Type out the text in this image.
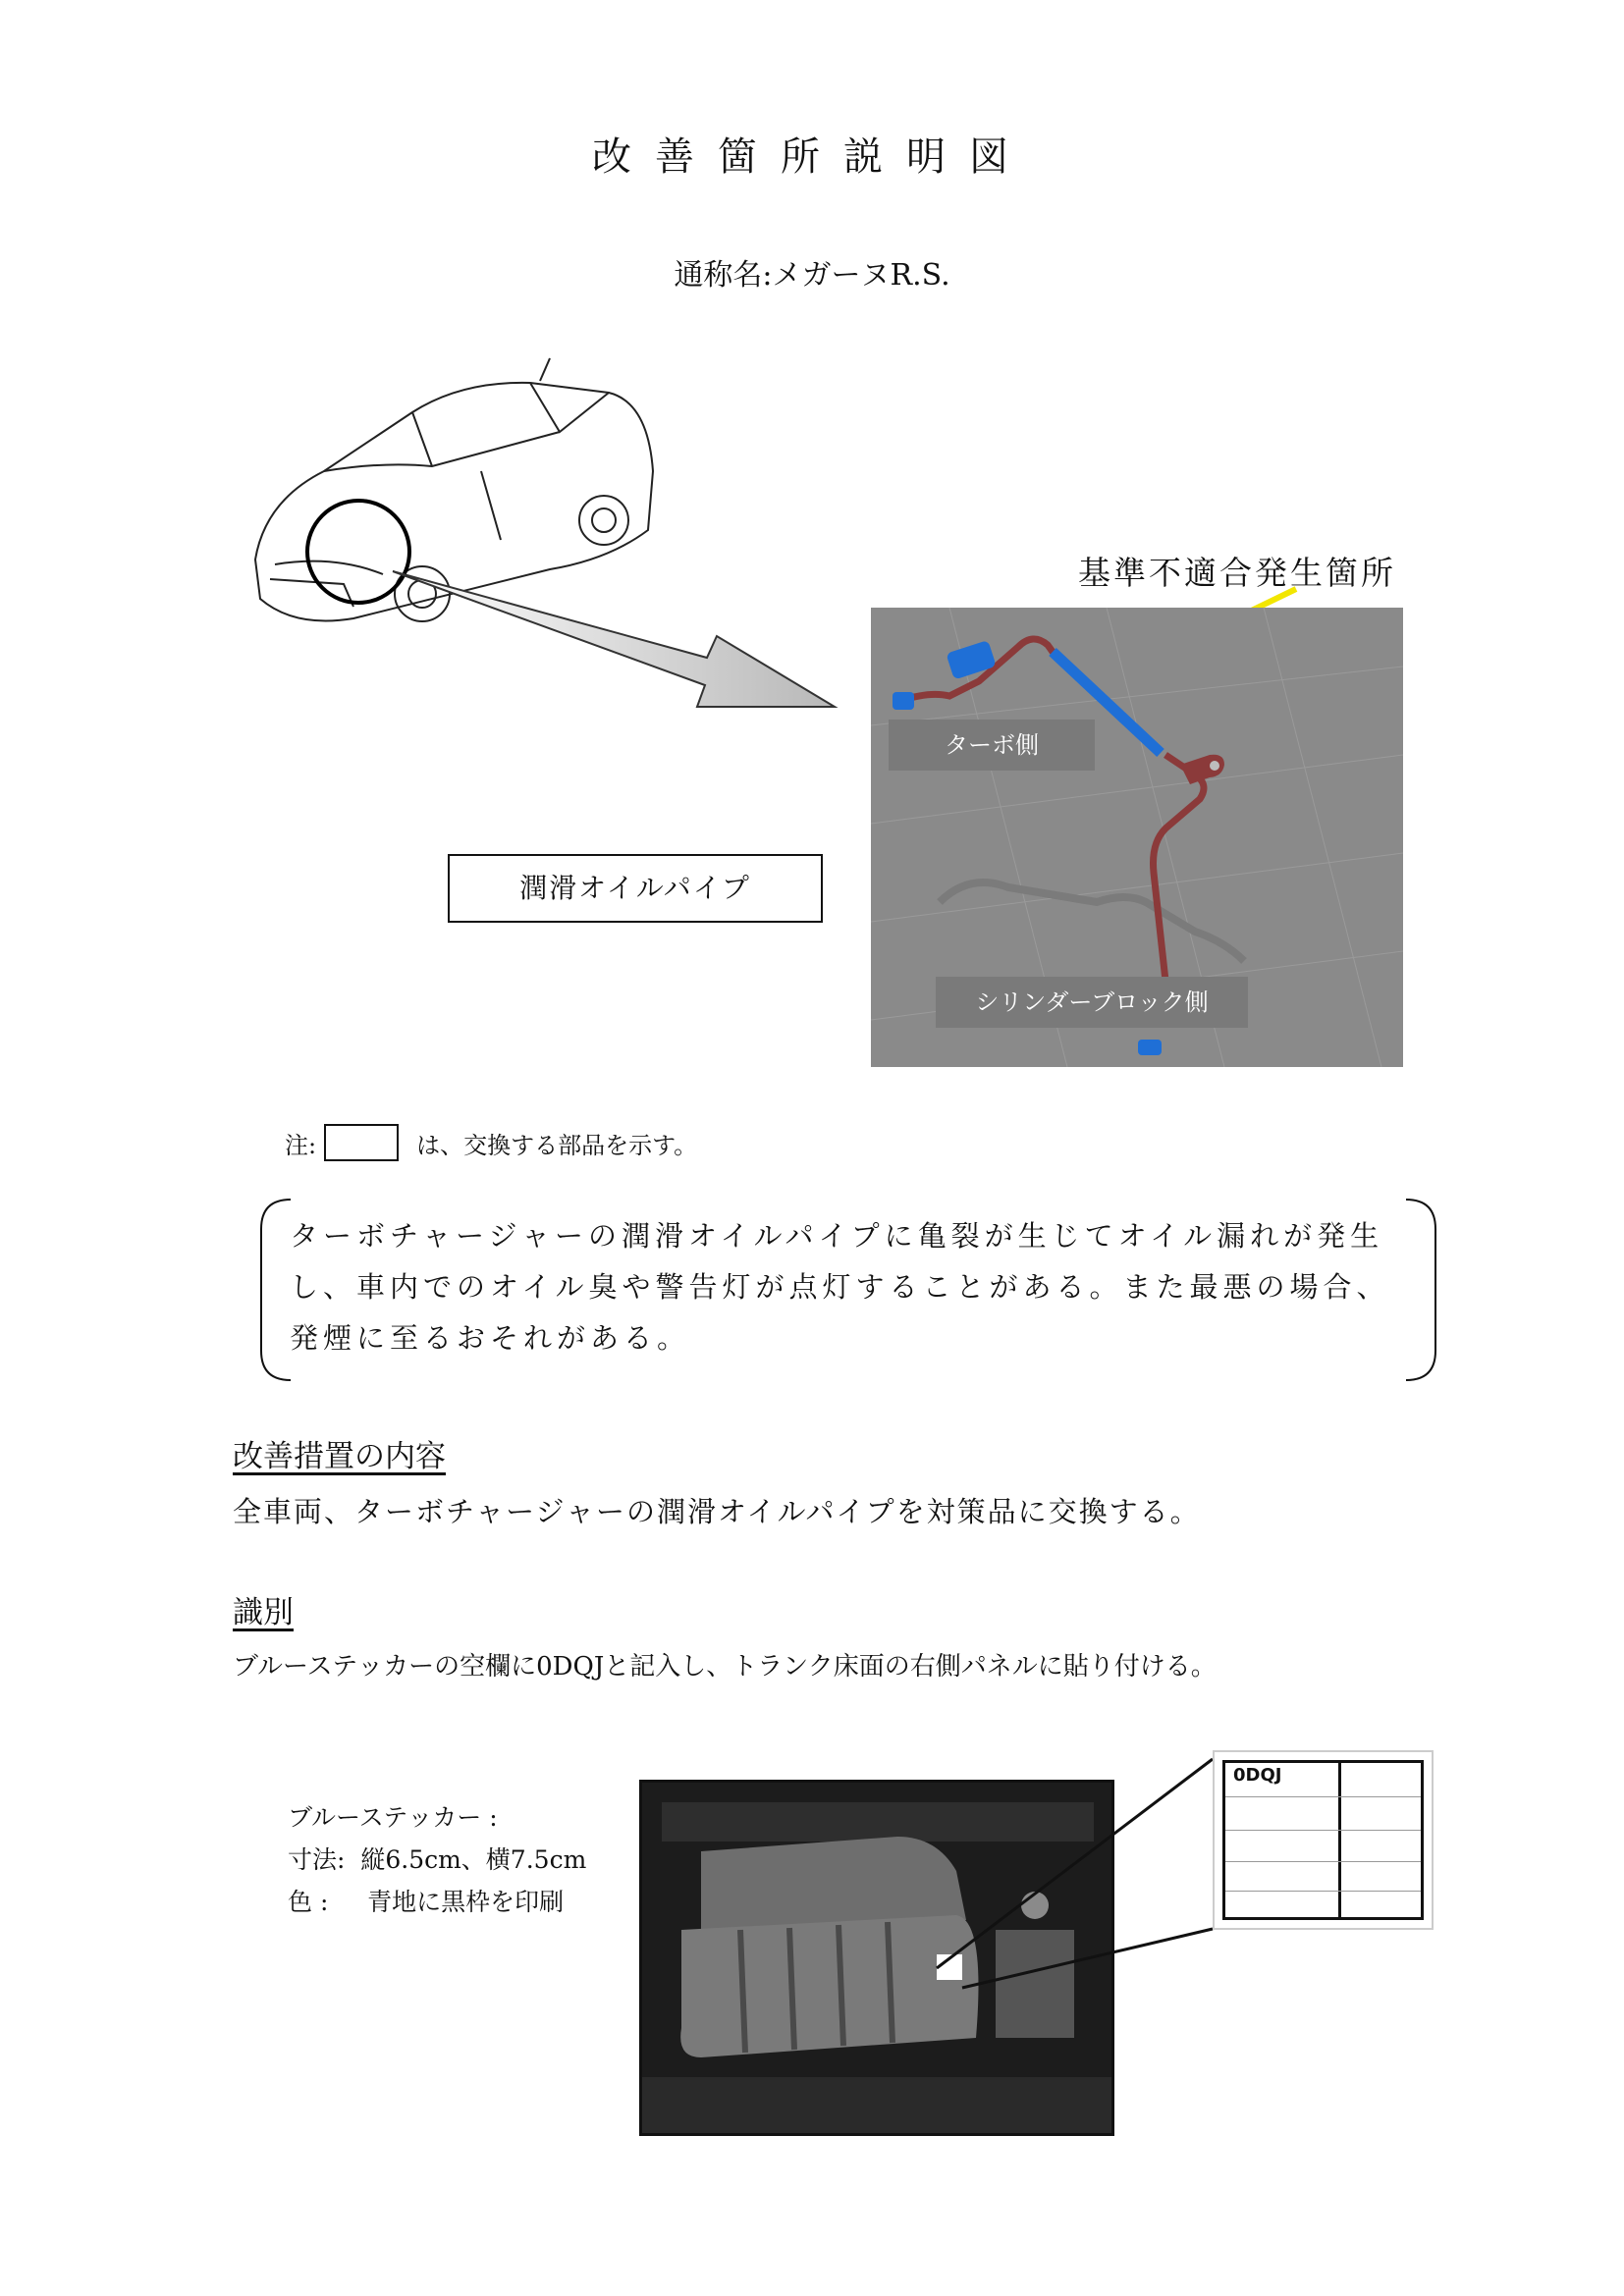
改善箇所説明図
通称名:メガーヌR.S.
基準不適合発生箇所
ターボ側
シリンダーブロック側
潤滑オイルパイプ
注:	は、交換する部品を示す。
ターボチャージャーの潤滑オイルパイプに亀裂が生じてオイル漏れが発生し、車内でのオイル臭や警告灯が点灯することがある。また最悪の場合、発煙に至るおそれがある。
改善措置の内容
全車両、ターボチャージャーの潤滑オイルパイプを対策品に交換する。
識別
ブルーステッカーの空欄に0DQJと記入し、トランク床面の右側パネルに貼り付ける。
ブルーステッカー :
寸法: 縦6.5cm、横7.5cm
色 : 青地に黒枠を印刷
0DQJ
